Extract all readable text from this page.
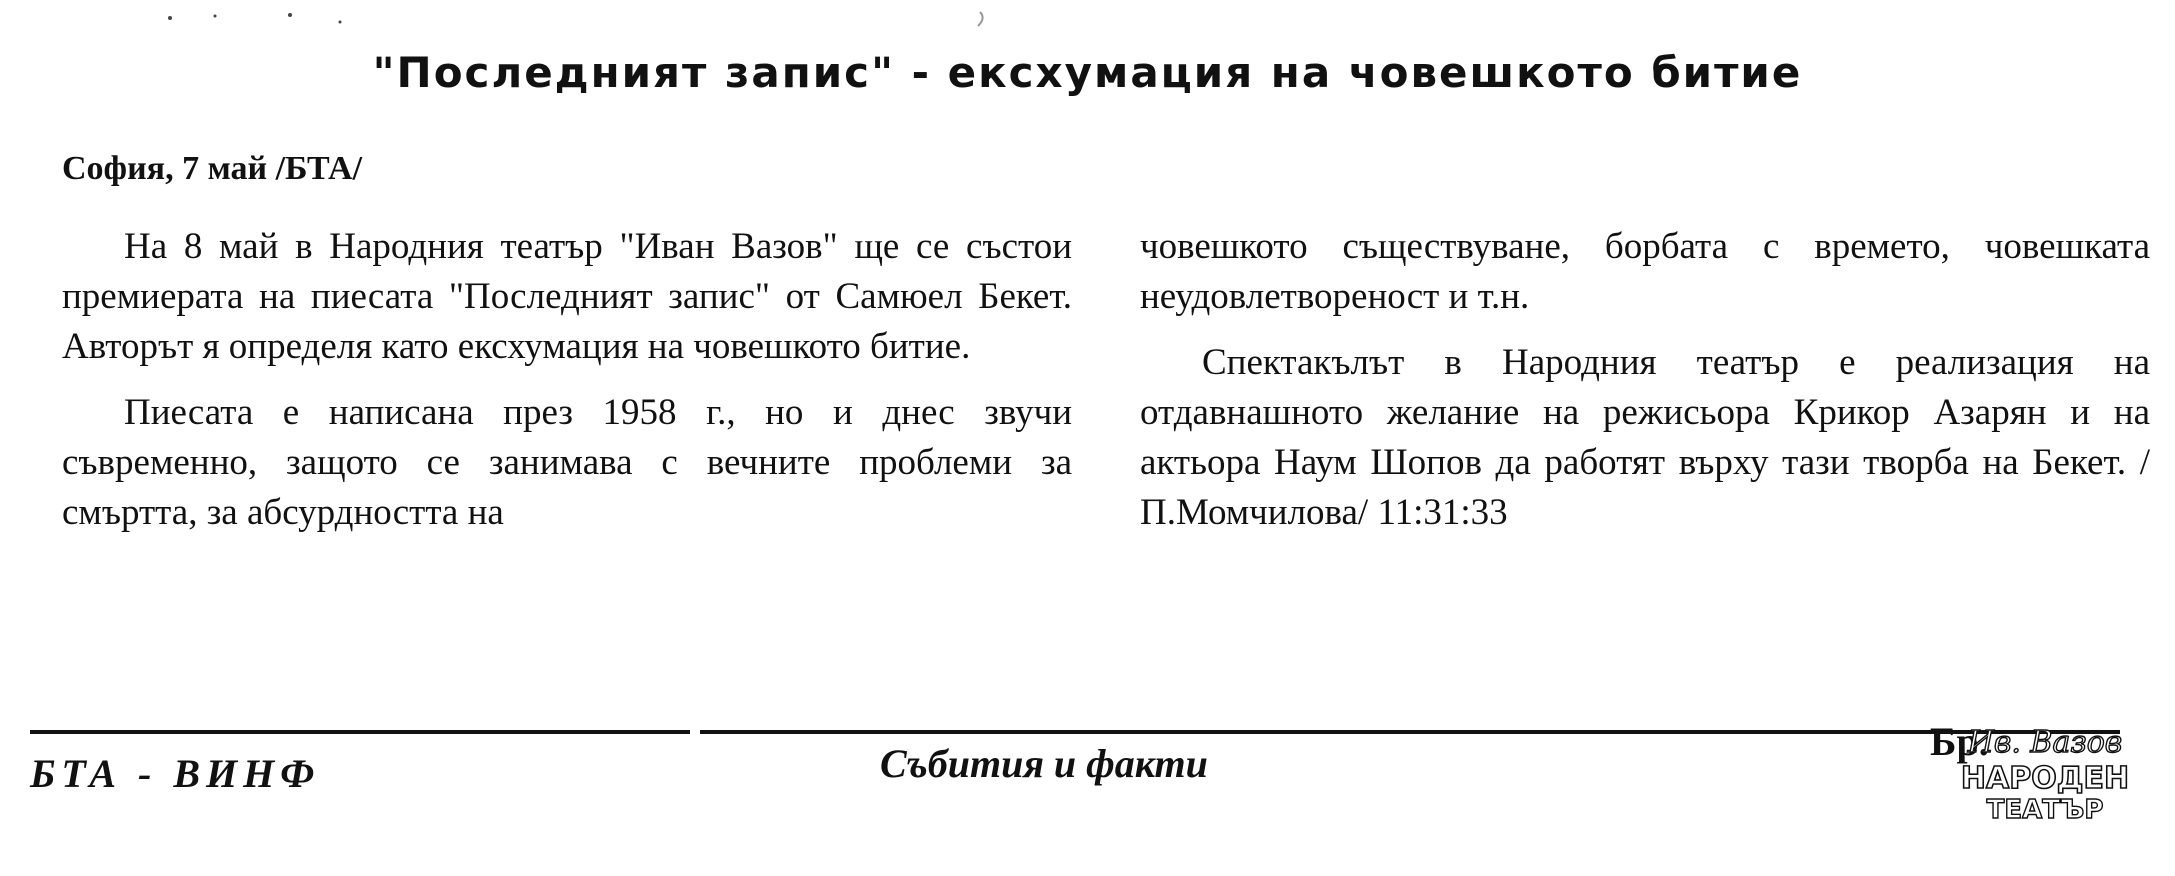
"Последният запис" - ексхумация на човешкото битие
София, 7 май /БТА/

На 8 май в Народния театър "Иван Вазов" ще се състои премиерата на пиесата "Последният запис" от Самюел Бекет. Авторът я определя като ексхумация на човешкото битие.

Пиесата е написана през 1958 г., но и днес звучи съвременно, защото се занимава с вечните проблеми за смъртта, за абсурдността на

човешкото съществуване, борбата с времето, човешката неудовлетвореност и т.н.

Спектакълът в Народния театър е реализация на отдавнашното желание на режисьора Крикор Азарян и на актьора Наум Шопов да работят върху тази творба на Бекет. /П.Момчилова/ 11:31:33

БТА - ВИНФ	Събития и факти	Бр.
Ив. Вазов
НАРОДЕН
ТЕАТЪР
